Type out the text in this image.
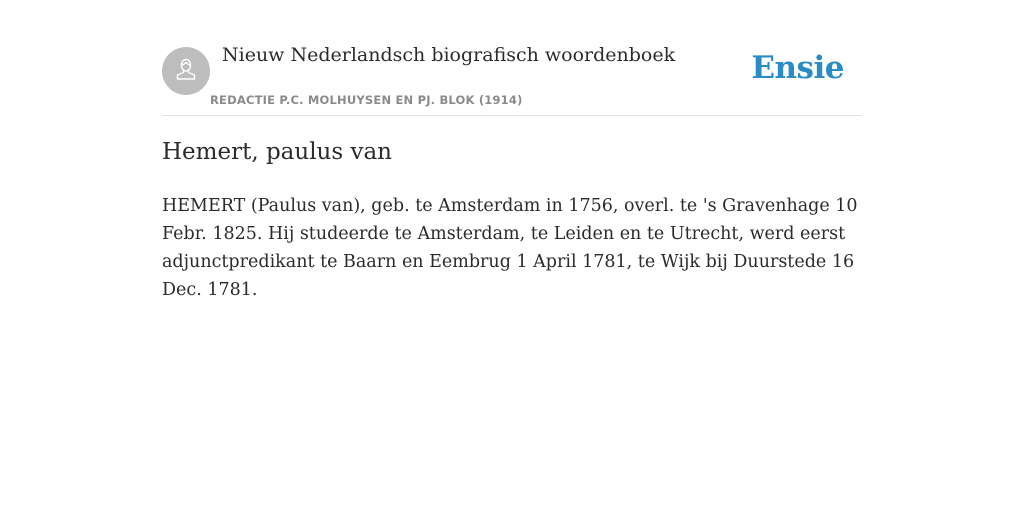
Nieuw Nederlandsch biografisch woordenboek
REDACTIE P.C. MOLHUYSEN EN PJ. BLOK (1914)
Ensie
Hemert, paulus van

HEMERT (Paulus van), geb. te Amsterdam in 1756, overl. te 's Gravenhage 10 Febr. 1825. Hij studeerde te Amsterdam, te Leiden en te Utrecht, werd eerst adjunctpredikant te Baarn en Eembrug 1 April 1781, te Wijk bij Duurstede 16 Dec. 1781.
